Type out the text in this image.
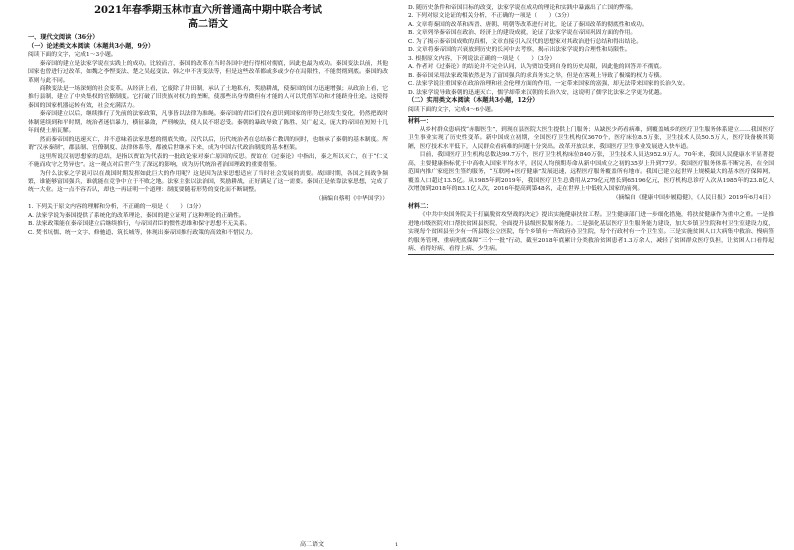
2021年春季期玉林市直六所普通高中期中联合考试
高二语文
一、现代文阅读（36分）
（一）论述类文本阅读（本题共3小题，9分）
阅读下面的文字，完成1～3小题。

秦帝国的建立是法家学说在实践上的成功。比较而言，秦国的改革在当时各国中进行得相对彻底，因此也最为成功。秦国变法以前，其他国家也曾进行过改革，如魏之李悝变法、楚之吴起变法、韩之申不害变法等，但是这些改革都或多或少存在局限性，不能贯彻到底。秦国的改革则与此不同。

商鞅变法是一场深刻的社会变革。从经济上看，它废除了井田制，承认了土地私有，奖励耕战，使秦国的国力迅速增强；从政治上看，它推行县制，建立了中央集权的官僚制度。它打破了旧贵族对权力的垄断，使那些出身卑微但有才能的人可以凭借军功和才能跻身仕途。这使得秦国的国家机器运转有效，社会充满活力。

秦帝国建立以后，继续推行了先前的法家政策，凡事皆以法律为准绳。秦帝国的君臣们没有意识到国家的形势已经发生变化，仍然把战时体制延续到和平时期，统治者迷信暴力，横征暴敛，严刑峻法，使人民不堪忍受。秦朝的暴政导致了陈胜、吴广起义，庞大的帝国在短短十几年间便土崩瓦解。

然而秦帝国的迅速灭亡，并不意味着法家思想的彻底失败。汉代以后，历代统治者在总结秦亡教训的同时，也继承了秦朝的基本制度。所谓“汉承秦制”，郡县制、官僚制度、法律体系等，都被后世继承下来，成为中国古代政治制度的基本框架。

这里所说汉初思想家的总结，是指以贾谊为代表的一批政论家对秦亡原因的反思。贾谊在《过秦论》中指出，秦之所以灭亡，在于“仁义不施而攻守之势异也”。这一观点对后世产生了深远的影响，成为历代统治者治国理政的重要借鉴。

为什么法家之学说可以在战国时期发挥如此巨大的作用呢？这是因为法家思想适应了当时社会发展的需要。战国时期，各国之间战争频繁，谁能够富国强兵，谁就能在竞争中立于不败之地。法家主张以法治国，奖励耕战，正好满足了这一需要。秦国正是依靠法家思想，完成了统一大业。这一点不容否认，却也一再证明一个道理：制度要随着形势的变化而不断调整。

（摘编自蔡明《中华国学》）
1. 下列关于原文内容的理解和分析，不正确的一项是（　　）（3分）
A. 法家学说为秦国提供了系统化的改革理论，秦国的建立证明了这种理论的正确性。
B. 法家政策能在秦帝国建立后继续推行，与帝国君臣的惯性思维和保守思想不无关系。
C. 焚书坑儒、统一文字、修驰道、筑长城等，体现出秦帝国推行政策的高效和不惜民力。
D. 随历史条件和帝国目标的改变，法家学说在成功的理论和实践中暴露出了亡国的弊端。
2. 下列对原文论证的相关分析，不正确的一项是（　　）（3分）
A. 文章将秦国的改革和西晋、唐朝、明朝等改革进行对比，论证了秦国改革的彻底性和成功。
B. 文章列举秦帝国在政治、经济上的建设成就，论证了法家学说在帝国巩固方面的作用。
C. 为了揭示秦帝国成败的真相，文章直接引入汉代的思想家对其政治进行总结和得出结论。
D. 文章将秦帝国的兴衰放到历史的长河中去考察，揭示出法家学说的合理性和局限性。
3. 根据原文内容，下列说法正确的一项是（　　）（3分）
A. 作者对《过秦论》的结论并不完全认同，认为贾谊受到自身的历史局限，因此他的回答并不彻底。
B. 秦帝国采用法家政策依然是为了富国强兵的求真务实之举，但是在客观上导致了极端的权力专横。
C. 法家学说注重国家在政治治理和社会伦理方面的作用，一定带来国家的富强，却无法带来国家的长治久安。
D. 法家学说导致秦朝的迅速灭亡，儒学却带来汉朝的长治久安，这说明了儒学比法家之学更为优越。
（二）实用类文本阅读（本题共3小题，12分）
阅读下面的文字，完成4～6小题。
材料一：

从乡村群众患病找“赤脚医生”，到现在县医院大医生提供上门服务；从缺医少药看病难，到覆盖城乡的医疗卫生服务体系建立……我国医疗卫生事业实现了历史性变革。新中国成立初期，全国医疗卫生机构仅3670个，医疗床位8.5万张，卫生技术人员50.5万人，医疗设备极其简陋，医疗技术水平低下，人民群众看病难的问题十分突出。改革开放以来，我国医疗卫生事业发展进入快车道。

目前，我国医疗卫生机构总数达99.7万个，医疗卫生机构床位840万张，卫生技术人员达952.9万人。70年来，我国人民健康水平显著提高，主要健康指标优于中高收入国家平均水平，居民人均预期寿命从新中国成立之初的35岁上升到77岁。我国医疗服务体系不断完善，在全国范围内推广家庭医生签约服务，“互联网+医疗健康”发展迅速，远程医疗服务覆盖所有地市。我国已建立起世界上规模最大的基本医疗保障网，覆盖人口超过13.5亿。从1985年到2019年，我国医疗卫生总费用从279亿元增长到65196亿元，医疗机构总诊疗人次从1985年的23.8亿人次增加到2018年的83.1亿人次，2016年提高到第48名，走在世界上中低收入国家的前列。

（摘编自《健康中国步履稳健》，《人民日报》2019年6月4日）
材料二：

《中共中央国务院关于打赢脱贫攻坚战的决定》提出实施健康扶贫工程。卫生健康部门进一步细化措施，将扶贫健康作为重中之重。一是推进地市级医院对口帮扶贫困县医院，全面提升县级医院服务能力。二是强化基层医疗卫生服务能力建设，加大乡镇卫生院和村卫生室建设力度，实现每个贫困县至少有一所县级公立医院，每个乡镇有一所政府办卫生院，每个行政村有一个卫生室。三是实施贫困人口大病集中救治、慢病签约服务管理、重病兜底保障“三个一批”行动，截至2018年底累计分类救治贫困患者1.3万余人，减轻了贫困群众医疗负担，让贫困人口看得起病、看得好病、看得上病、少生病。

高二语文	1
